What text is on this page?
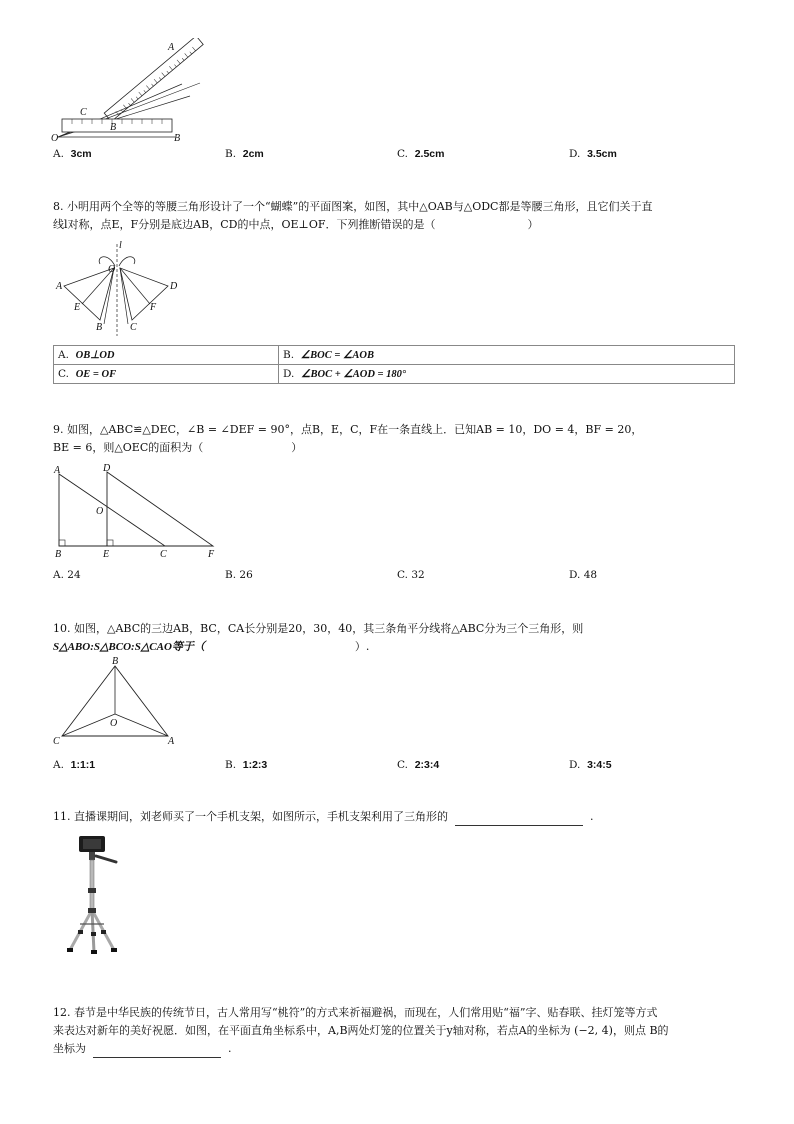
A
C
O
B
B
A. 3cm	B. 2cm	C. 2.5cm	D. 3.5cm
8. 小明用两个全等的等腰三角形设计了一个“蝴蝶”的平面图案，如图，其中△OAB与△ODC都是等腰三角形，且它们关于直
线l对称，点E，F分别是底边AB，CD的中点，OE⊥OF．下列推断错误的是（	）
l
O
A	D
E	F
B	C
A. OB⊥OD	B. ∠BOC = ∠AOB
C. OE = OF	D. ∠BOC + ∠AOD = 180°
9. 如图，△ABC≌△DEC，∠B = ∠DEF = 90°，点B，E，C，F在一条直线上．已知AB = 10，DO = 4，BF = 20，
BE = 6，则△OEC的面积为（	）
A	D
O
B	E	C	F
A. 24	B. 26	C. 32	D. 48
10. 如图，△ABC的三边AB，BC，CA长分别是20，30，40，其三条角平分线将△ABC分为三个三角形，则
S△ABO:S△BCO:S△CAO等于（	）.
B
O
C	A
A. 1:1:1	B. 1:2:3	C. 2:3:4	D. 3:4:5
11. 直播课期间，刘老师买了一个手机支架，如图所示，手机支架利用了三角形的	.
12. 春节是中华民族的传统节日，古人常用写“桃符”的方式来祈福避祸，而现在，人们常用贴“福”字、贴春联、挂灯笼等方式
来表达对新年的美好祝愿．如图，在平面直角坐标系中，A,B两处灯笼的位置关于y轴对称，若点A的坐标为 (−2, 4)，则点 B的
坐标为	.
